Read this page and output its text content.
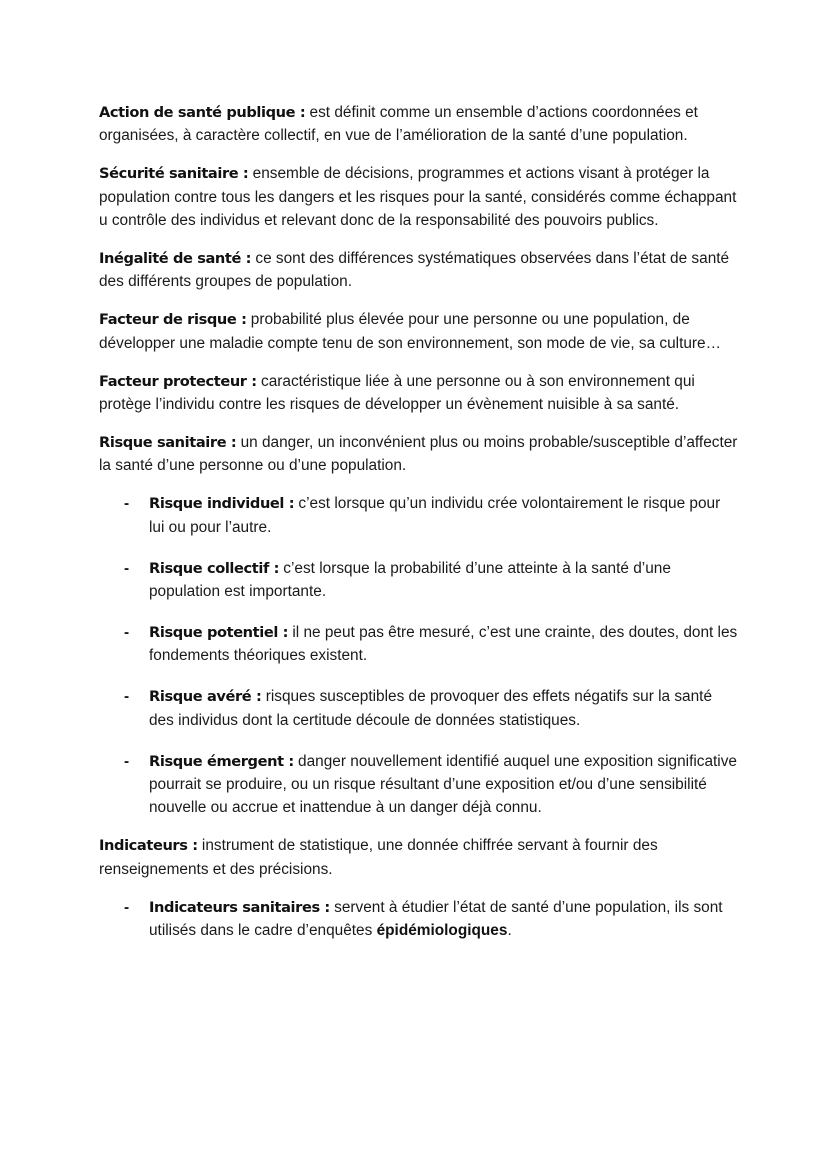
Action de santé publique : est définit comme un ensemble d’actions coordonnées et organisées, à caractère collectif, en vue de l’amélioration de la santé d’une population.

Sécurité sanitaire : ensemble de décisions, programmes et actions visant à protéger la population contre tous les dangers et les risques pour la santé, considérés comme échappant u contrôle des individus et relevant donc de la responsabilité des pouvoirs publics.

Inégalité de santé : ce sont des différences systématiques observées dans l’état de santé des différents groupes de population.

Facteur de risque : probabilité plus élevée pour une personne ou une population, de développer une maladie compte tenu de son environnement, son mode de vie, sa culture…

Facteur protecteur : caractéristique liée à une personne ou à son environnement qui protège l’individu contre les risques de développer un évènement nuisible à sa santé.

Risque sanitaire : un danger, un inconvénient plus ou moins probable/susceptible d’affecter la santé d’une personne ou d’une population.

- Risque individuel : c’est lorsque qu’un individu crée volontairement le risque pour lui ou pour l’autre.
- Risque collectif : c’est lorsque la probabilité d’une atteinte à la santé d’une population est importante.
- Risque potentiel : il ne peut pas être mesuré, c’est une crainte, des doutes, dont les fondements théoriques existent.
- Risque avéré : risques susceptibles de provoquer des effets négatifs sur la santé des individus dont la certitude découle de données statistiques.
- Risque émergent : danger nouvellement identifié auquel une exposition significative pourrait se produire, ou un risque résultant d’une exposition et/ou d’une sensibilité nouvelle ou accrue et inattendue à un danger déjà connu.

Indicateurs : instrument de statistique, une donnée chiffrée servant à fournir des renseignements et des précisions.

- Indicateurs sanitaires : servent à étudier l’état de santé d’une population, ils sont utilisés dans le cadre d’enquêtes épidémiologiques.
